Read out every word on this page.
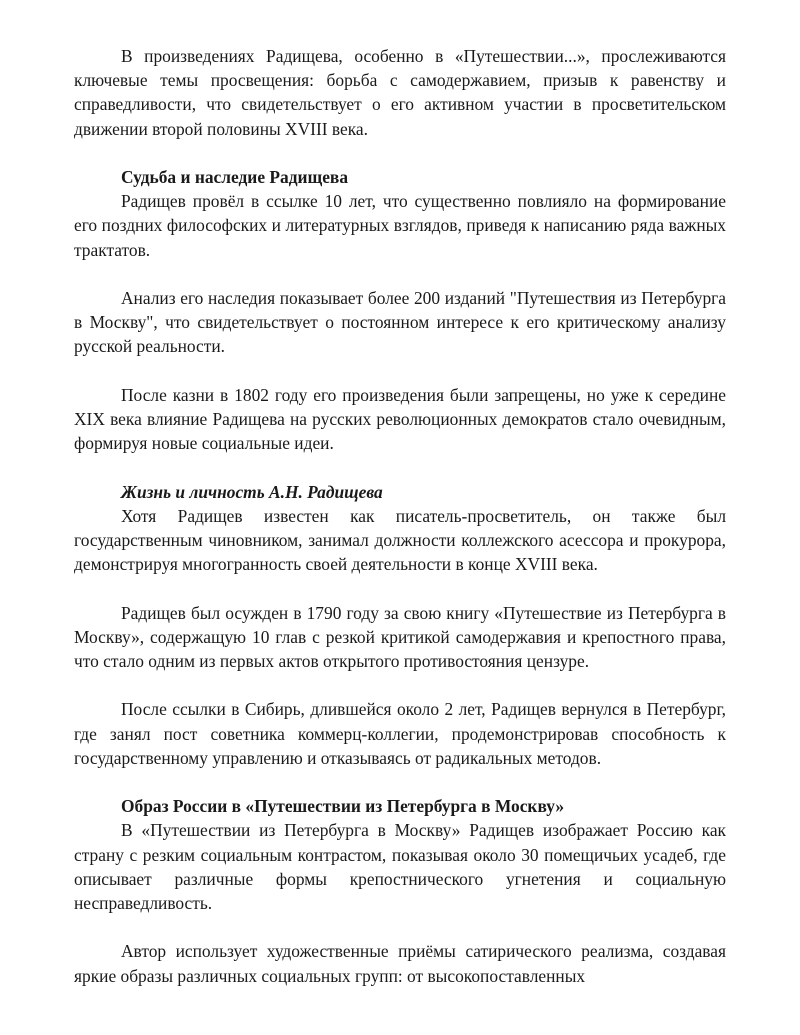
В произведениях Радищева, особенно в «Путешествии...», прослеживаются ключевые темы просвещения: борьба с самодержавием, призыв к равенству и справедливости, что свидетельствует о его активном участии в просветительском движении второй половины XVIII века.

Судьба и наследие Радищева

Радищев провёл в ссылке 10 лет, что существенно повлияло на формирование его поздних философских и литературных взглядов, приведя к написанию ряда важных трактатов.

Анализ его наследия показывает более 200 изданий "Путешествия из Петербурга в Москву", что свидетельствует о постоянном интересе к его критическому анализу русской реальности.

После казни в 1802 году его произведения были запрещены, но уже к середине XIX века влияние Радищева на русских революционных демократов стало очевидным, формируя новые социальные идеи.

Жизнь и личность А.Н. Радищева

Хотя Радищев известен как писатель-просветитель, он также был государственным чиновником, занимал должности коллежского асессора и прокурора, демонстрируя многогранность своей деятельности в конце XVIII века.

Радищев был осужден в 1790 году за свою книгу «Путешествие из Петербурга в Москву», содержащую 10 глав с резкой критикой самодержавия и крепостного права, что стало одним из первых актов открытого противостояния цензуре.

После ссылки в Сибирь, длившейся около 2 лет, Радищев вернулся в Петербург, где занял пост советника коммерц-коллегии, продемонстрировав способность к государственному управлению и отказываясь от радикальных методов.

Образ России в «Путешествии из Петербурга в Москву»

В «Путешествии из Петербурга в Москву» Радищев изображает Россию как страну с резким социальным контрастом, показывая около 30 помещичьих усадеб, где описывает различные формы крепостнического угнетения и социальную несправедливость.

Автор использует художественные приёмы сатирического реализма, создавая яркие образы различных социальных групп: от высокопоставленных
